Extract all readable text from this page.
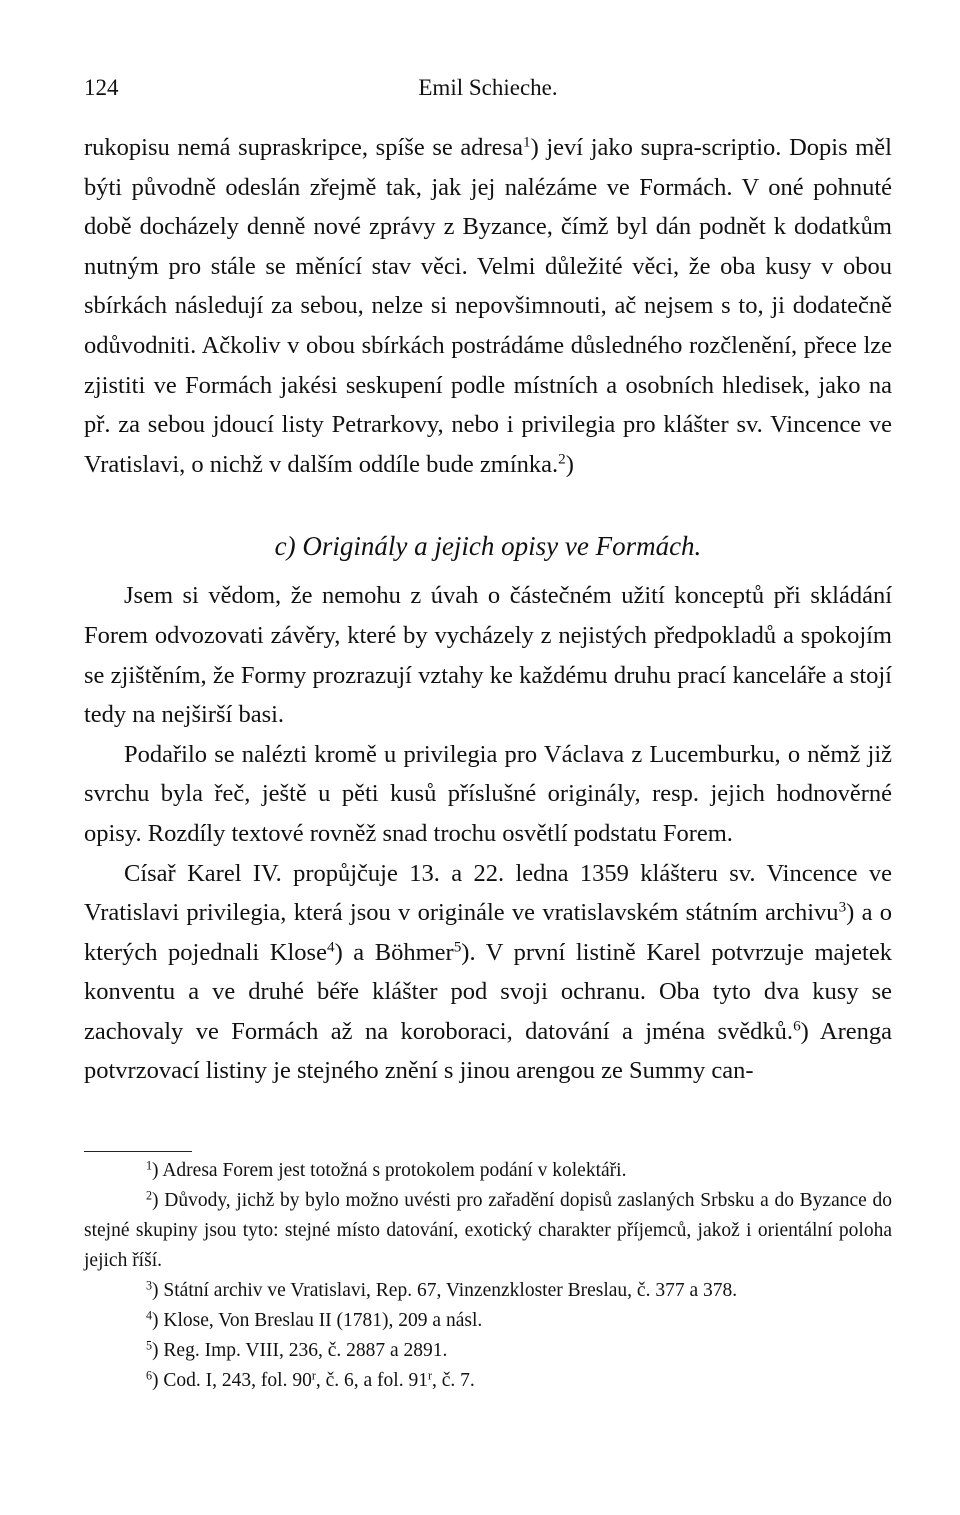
124	Emil Schieche.

rukopisu nemá supraskripce, spíše se adresa$^1$) jeví jako supra-scriptio. Dopis měl býti původně odeslán zřejmě tak, jak jej nalézáme ve Formách. V oné pohnuté době docházely denně nové zprávy z Byzance, čímž byl dán podnět k dodatkům nutným pro stále se měnící stav věci. Velmi důležité věci, že oba kusy v obou sbírkách následují za sebou, nelze si nepovšimnouti, ač nejsem s to, ji dodatečně odůvodniti. Ačkoliv v obou sbírkách postrádáme důsledného rozčlenění, přece lze zjistiti ve Formách jakési seskupení podle místních a osobních hledisek, jako na př. za sebou jdoucí listy Petrarkovy, nebo i privilegia pro klášter sv. Vincence ve Vratislavi, o nichž v dalším oddíle bude zmínka.$^2$)

c) Originály a jejich opisy ve Formách.

Jsem si vědom, že nemohu z úvah o částečném užití konceptů při skládání Forem odvozovati závěry, které by vycházely z nejistých předpokladů a spokojím se zjištěním, že Formy prozrazují vztahy ke každému druhu prací kanceláře a stojí tedy na nejširší basi.

Podařilo se nalézti kromě u privilegia pro Václava z Lucemburku, o němž již svrchu byla řeč, ještě u pěti kusů příslušné originály, resp. jejich hodnověrné opisy. Rozdíly textové rovněž snad trochu osvětlí podstatu Forem.

Císař Karel IV. propůjčuje 13. a 22. ledna 1359 klášteru sv. Vincence ve Vratislavi privilegia, která jsou v originále ve vratislavském státním archivu$^3$) a o kterých pojednali Klose$^4$) a Böhmer$^5$). V první listině Karel potvrzuje majetek konventu a ve druhé béře klášter pod svoji ochranu. Oba tyto dva kusy se zachovaly ve Formách až na koroboraci, datování a jména svědků.$^6$) Arenga potvrzovací listiny je stejného znění s jinou arengou ze Summy can-

$^1$) Adresa Forem jest totožná s protokolem podání v kolektáři.

$^2$) Důvody, jichž by bylo možno uvésti pro zařadění dopisů zaslaných Srbsku a do Byzance do stejné skupiny jsou tyto: stejné místo datování, exotický charakter příjemců, jakož i orientální poloha jejich říší.

$^3$) Státní archiv ve Vratislavi, Rep. 67, Vinzenzkloster Breslau, č. 377 a 378.

$^4$) Klose, Von Breslau II (1781), 209 a násl.

$^5$) Reg. Imp. VIII, 236, č. 2887 a 2891.

$^6$) Cod. I, 243, fol. 90$^r$, č. 6, a fol. 91$^r$, č. 7.
